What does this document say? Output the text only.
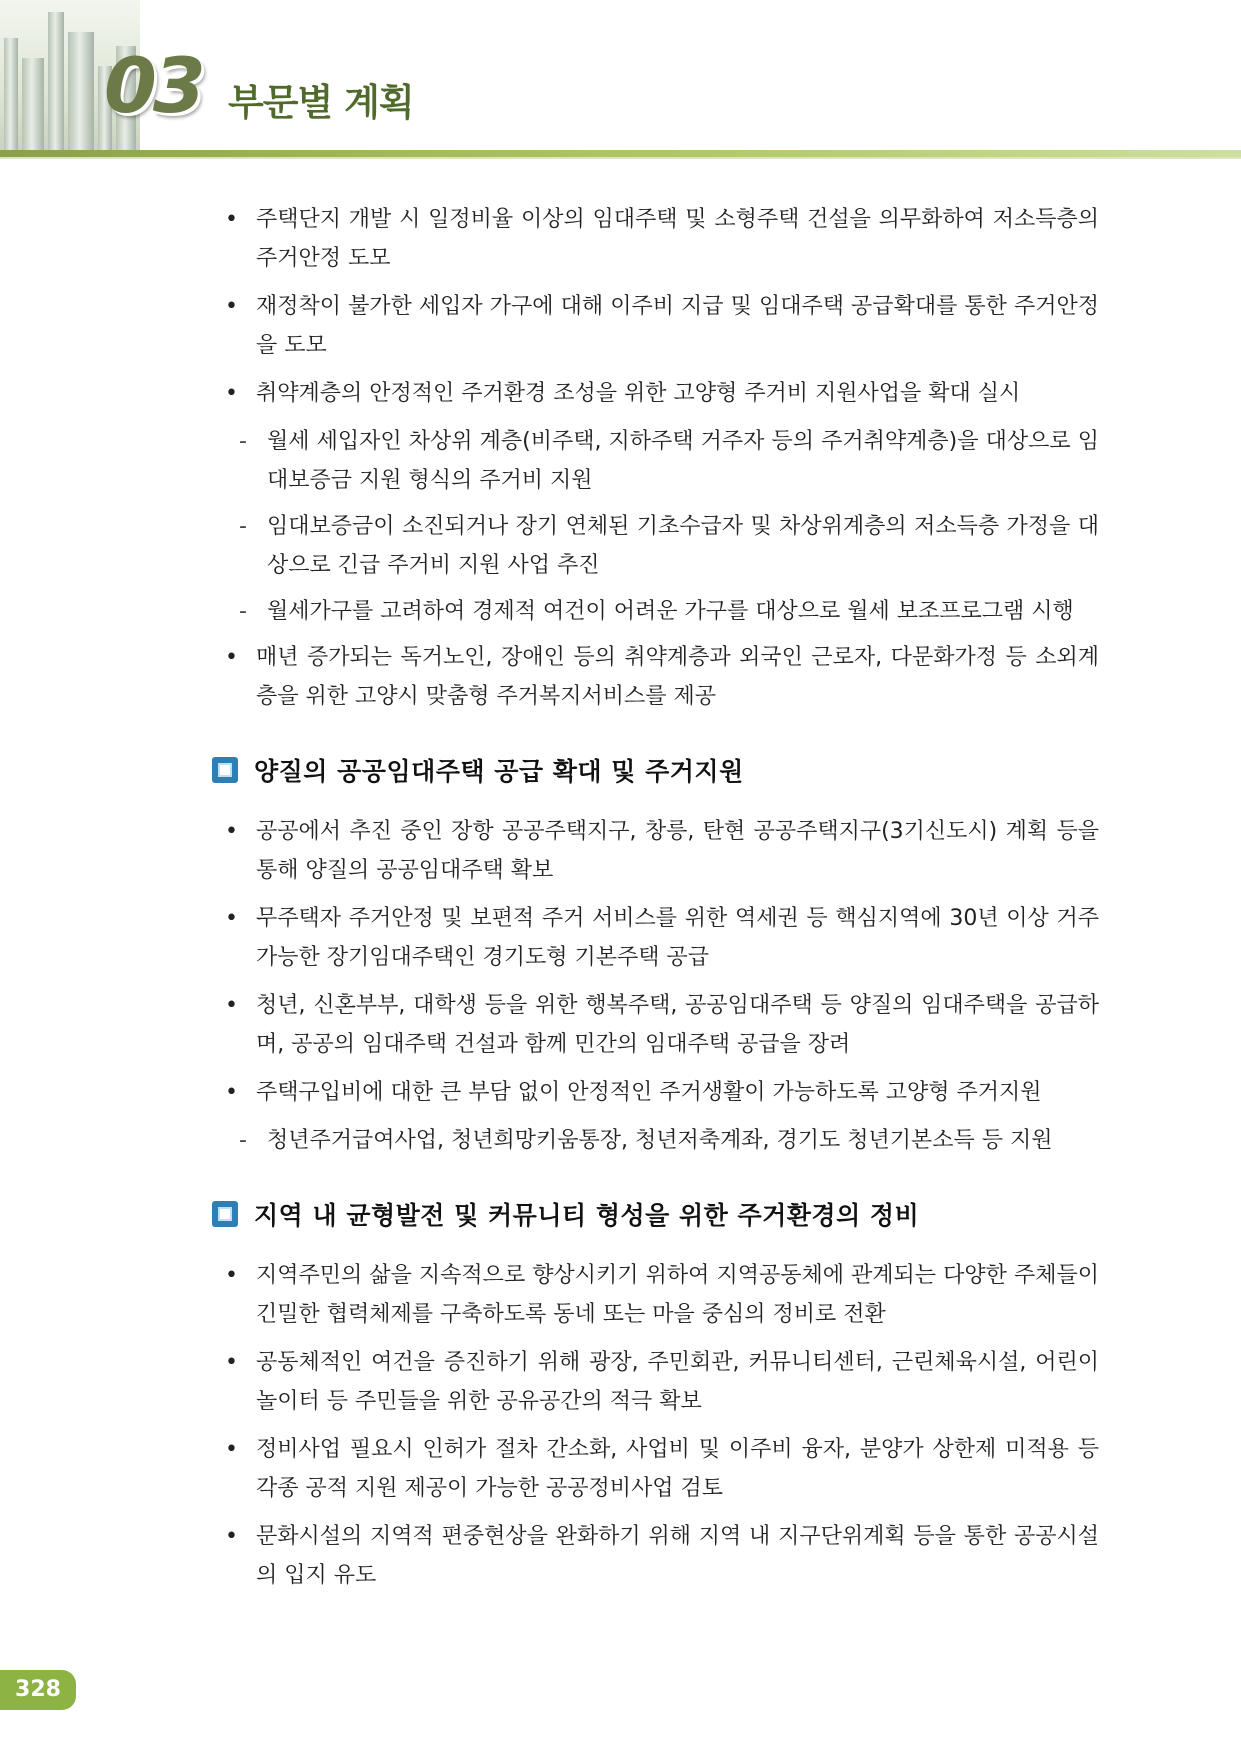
03 부문별 계획
• 주택단지 개발 시 일정비율 이상의 임대주택 및 소형주택 건설을 의무화하여 저소득층의 주거안정 도모
• 재정착이 불가한 세입자 가구에 대해 이주비 지급 및 임대주택 공급확대를 통한 주거안정을 도모
• 취약계층의 안정적인 주거환경 조성을 위한 고양형 주거비 지원사업을 확대 실시
- 월세 세입자인 차상위 계층(비주택, 지하주택 거주자 등의 주거취약계층)을 대상으로 임대보증금 지원 형식의 주거비 지원
- 임대보증금이 소진되거나 장기 연체된 기초수급자 및 차상위계층의 저소득층 가정을 대상으로 긴급 주거비 지원 사업 추진
- 월세가구를 고려하여 경제적 여건이 어려운 가구를 대상으로 월세 보조프로그램 시행
• 매년 증가되는 독거노인, 장애인 등의 취약계층과 외국인 근로자, 다문화가정 등 소외계층을 위한 고양시 맞춤형 주거복지서비스를 제공
양질의 공공임대주택 공급 확대 및 주거지원
• 공공에서 추진 중인 장항 공공주택지구, 창릉, 탄현 공공주택지구(3기신도시) 계획 등을 통해 양질의 공공임대주택 확보
• 무주택자 주거안정 및 보편적 주거 서비스를 위한 역세권 등 핵심지역에 30년 이상 거주가능한 장기임대주택인 경기도형 기본주택 공급
• 청년, 신혼부부, 대학생 등을 위한 행복주택, 공공임대주택 등 양질의 임대주택을 공급하며, 공공의 임대주택 건설과 함께 민간의 임대주택 공급을 장려
• 주택구입비에 대한 큰 부담 없이 안정적인 주거생활이 가능하도록 고양형 주거지원
- 청년주거급여사업, 청년희망키움통장, 청년저축계좌, 경기도 청년기본소득 등 지원
지역 내 균형발전 및 커뮤니티 형성을 위한 주거환경의 정비
• 지역주민의 삶을 지속적으로 향상시키기 위하여 지역공동체에 관계되는 다양한 주체들이 긴밀한 협력체제를 구축하도록 동네 또는 마을 중심의 정비로 전환
• 공동체적인 여건을 증진하기 위해 광장, 주민회관, 커뮤니티센터, 근린체육시설, 어린이놀이터 등 주민들을 위한 공유공간의 적극 확보
• 정비사업 필요시 인허가 절차 간소화, 사업비 및 이주비 융자, 분양가 상한제 미적용 등 각종 공적 지원 제공이 가능한 공공정비사업 검토
• 문화시설의 지역적 편중현상을 완화하기 위해 지역 내 지구단위계획 등을 통한 공공시설의 입지 유도
328
